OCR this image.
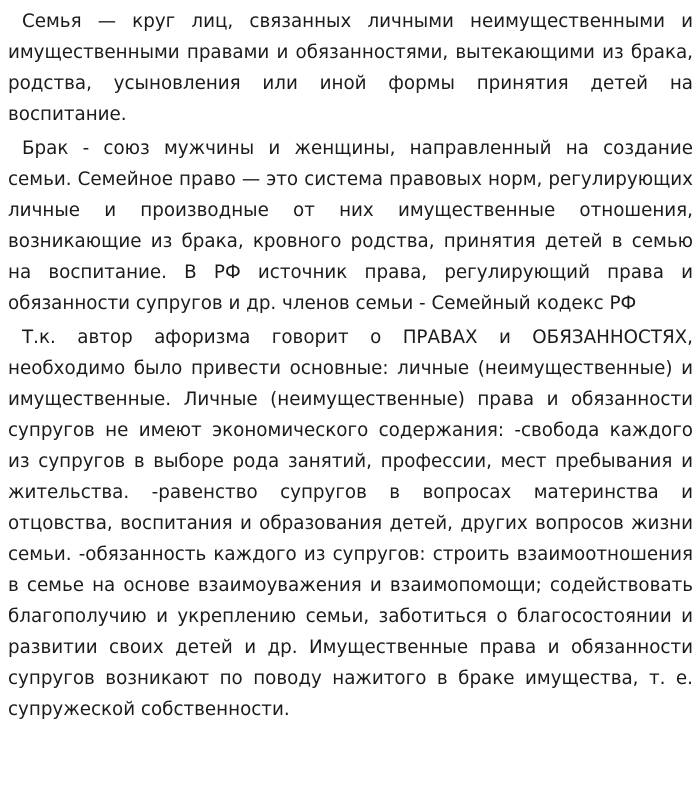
Семья — круг лиц, связанных личными неимущественными и имущественными правами и обязанностями, вытекающими из брака, родства, усыновления или иной формы принятия детей на воспитание.

Брак - союз мужчины и женщины, направленный на создание семьи. Семейное право — это система правовых норм, регулирующих личные и производные от них имущественные отношения, возникающие из брака, кровного родства, принятия детей в семью на воспитание. В РФ источник права, регулирующий права и обязанности супругов и др. членов семьи - Семейный кодекс РФ

Т.к. автор афоризма говорит о ПРАВАХ и ОБЯЗАННОСТЯХ, необходимо было привести основные: личные (неимущественные) и имущественные. Личные (неимущественные) права и обязанности супругов не имеют экономического содержания: -свобода каждого из супругов в выборе рода занятий, профессии, мест пребывания и жительства. -равенство супругов в вопросах материнства и отцовства, воспитания и образования детей, других вопросов жизни семьи. -обязанность каждого из супругов: строить взаимоотношения в семье на основе взаимоуважения и взаимопомощи; содействовать благополучию и укреплению семьи, заботиться о благосостоянии и развитии своих детей и др. Имущественные права и обязанности супругов возникают по поводу нажитого в браке имущества, т. е. супружеской собственности.
